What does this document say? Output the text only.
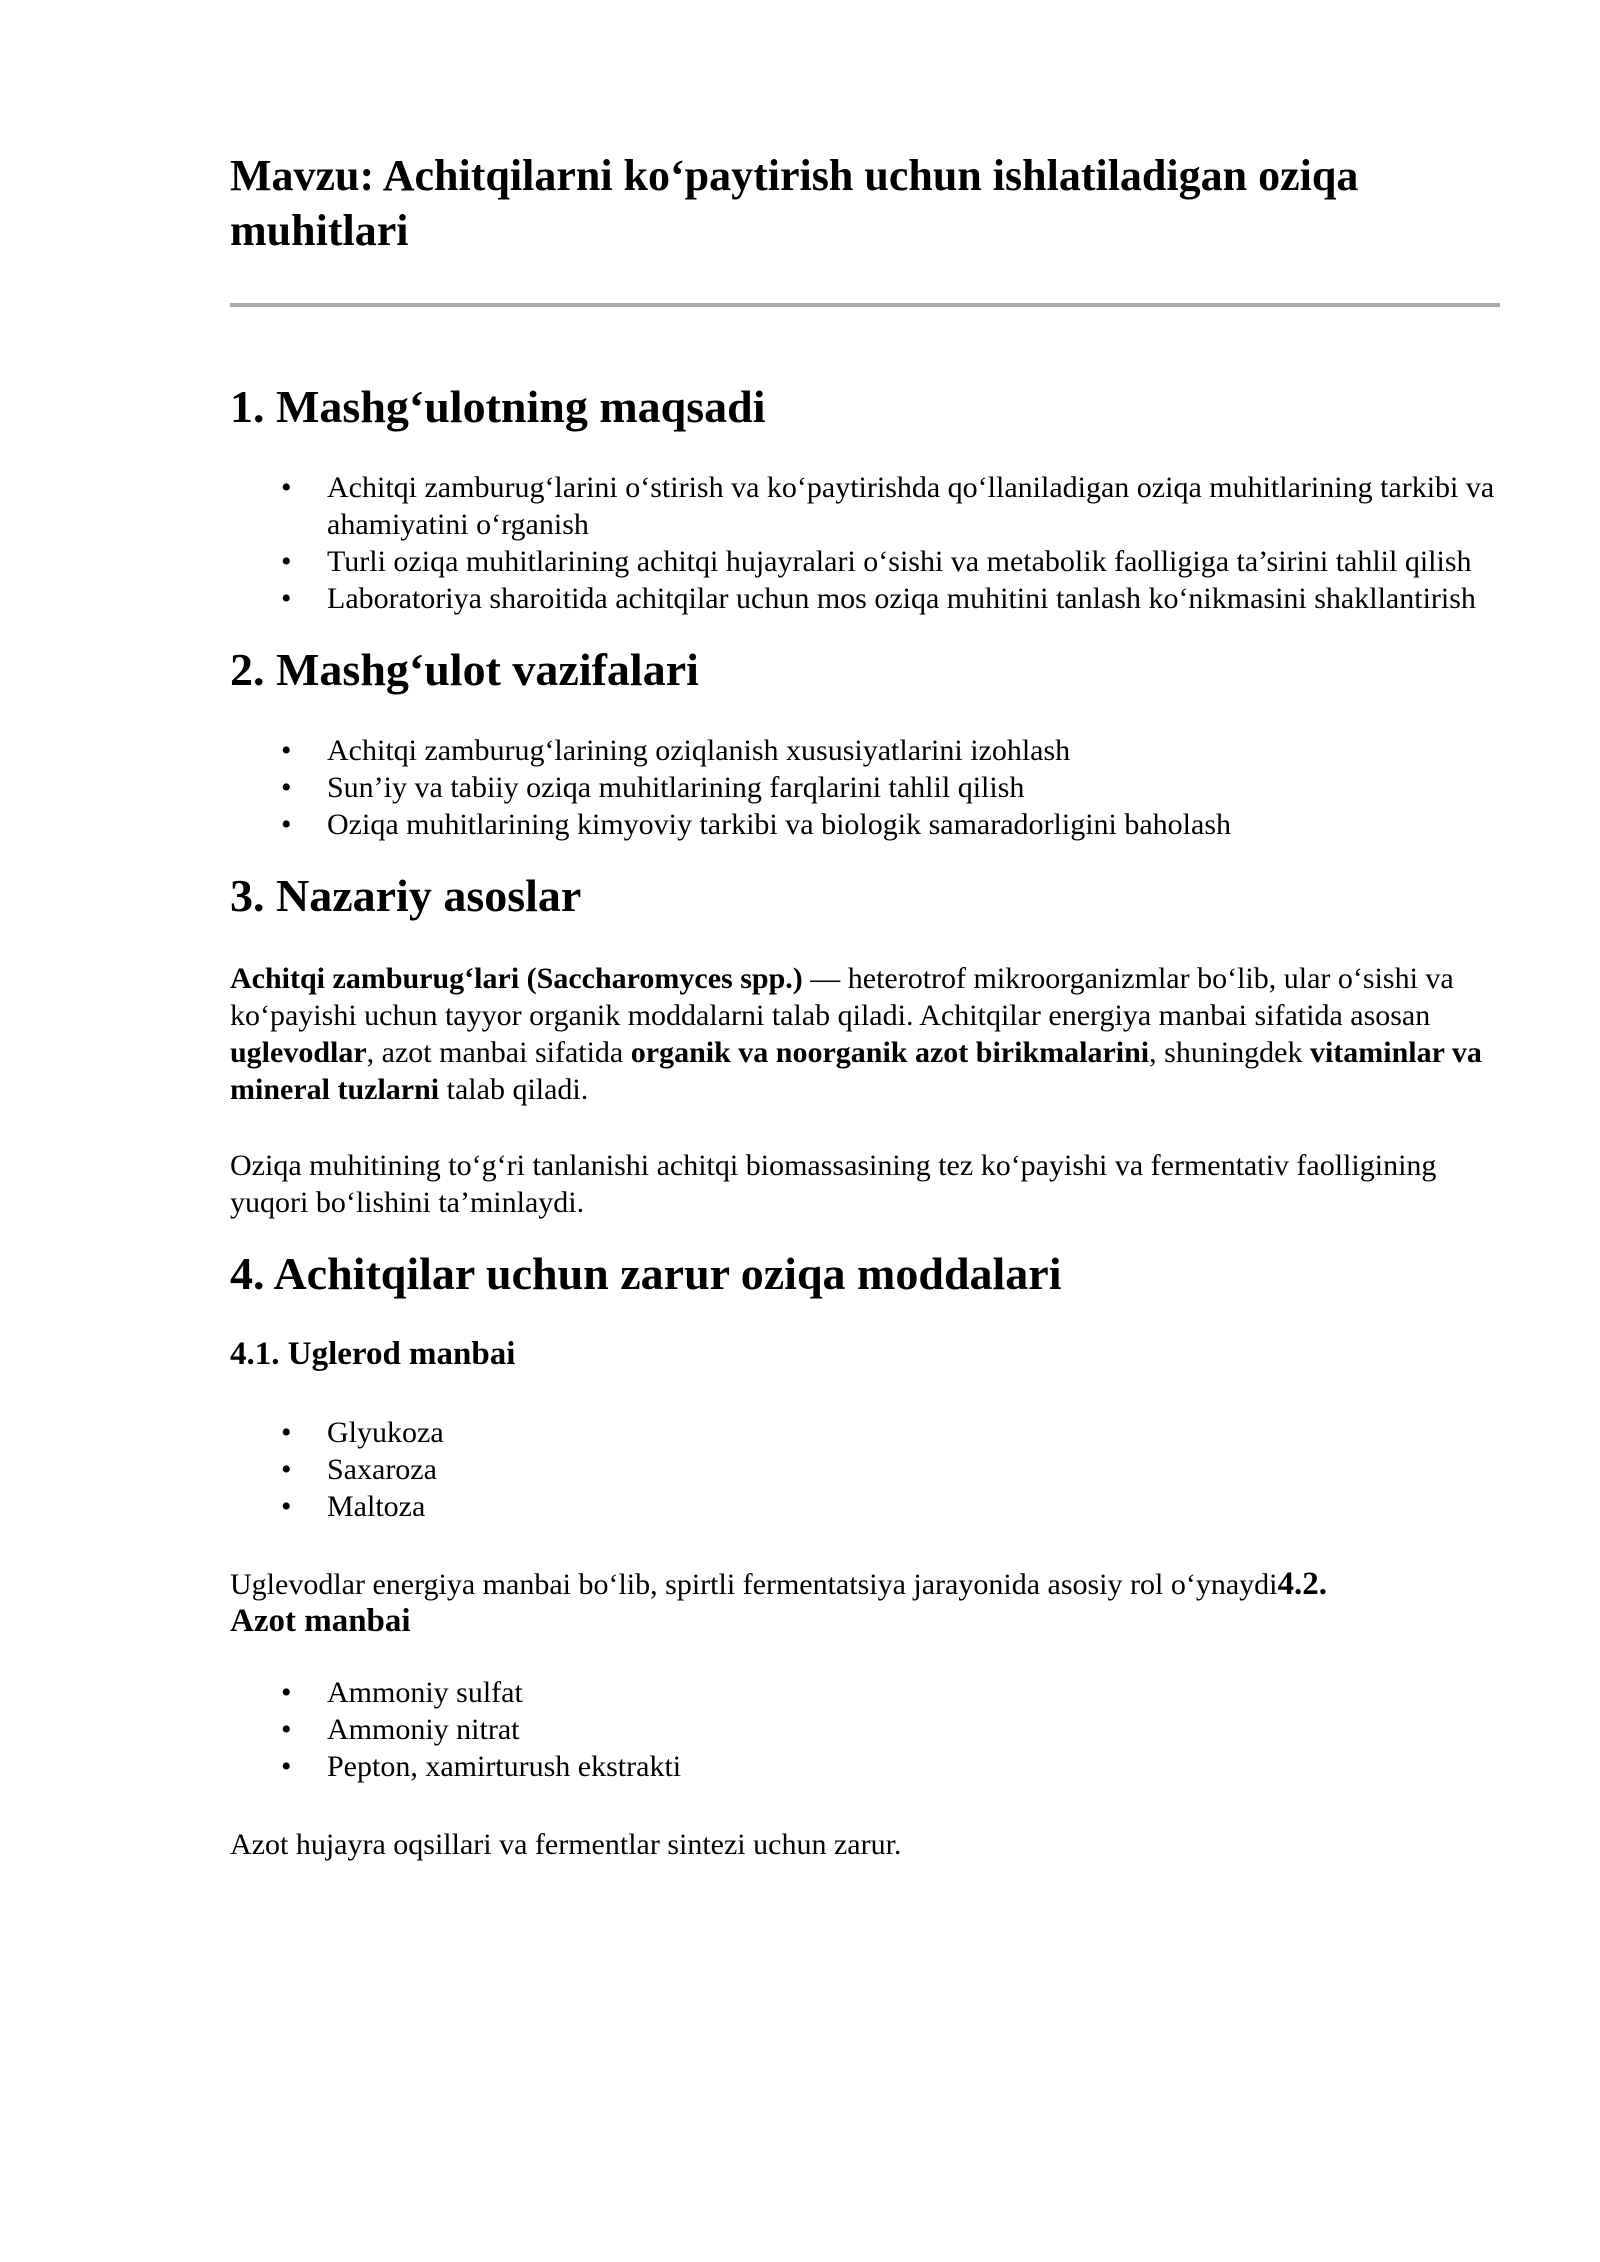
Mavzu: Achitqilarni ko‘paytirish uchun ishlatiladigan oziqa muhitlari
1. Mashg‘ulotning maqsadi
• Achitqi zamburug‘larini o‘stirish va ko‘paytirishda qo‘llaniladigan oziqa muhitlarining tarkibi va ahamiyatini o‘rganish
• Turli oziqa muhitlarining achitqi hujayralari o‘sishi va metabolik faolligiga ta’sirini tahlil qilish
• Laboratoriya sharoitida achitqilar uchun mos oziqa muhitini tanlash ko‘nikmasini shakllantirish
2. Mashg‘ulot vazifalari
• Achitqi zamburug‘larining oziqlanish xususiyatlarini izohlash
• Sun’iy va tabiiy oziqa muhitlarining farqlarini tahlil qilish
• Oziqa muhitlarining kimyoviy tarkibi va biologik samaradorligini baholash
3. Nazariy asoslar

Achitqi zamburug‘lari (Saccharomyces spp.) — heterotrof mikroorganizmlar bo‘lib, ular o‘sishi va ko‘payishi uchun tayyor organik moddalarni talab qiladi. Achitqilar energiya manbai sifatida asosan uglevodlar, azot manbai sifatida organik va noorganik azot birikmalarini, shuningdek vitaminlar va mineral tuzlarni talab qiladi.

Oziqa muhitining to‘g‘ri tanlanishi achitqi biomassasining tez ko‘payishi va fermentativ faolligining yuqori bo‘lishini ta’minlaydi.

4. Achitqilar uchun zarur oziqa moddalari
4.1. Uglerod manbai
• Glyukoza
• Saxaroza
• Maltoza

Uglevodlar energiya manbai bo‘lib, spirtli fermentatsiya jarayonida asosiy rol o‘ynaydi4.2.
Azot manbai

• Ammoniy sulfat
• Ammoniy nitrat
• Pepton, xamirturush ekstrakti

Azot hujayra oqsillari va fermentlar sintezi uchun zarur.
